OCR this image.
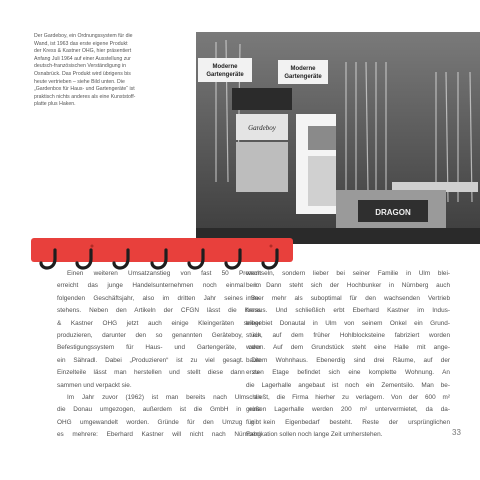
Der Gardeboy, ein Ordnungssystem für die
Wand, ist 1963 das erste eigene Produkt
der Kress & Kastner OHG, hier präsentiert
Anfang Juli 1964 auf einer Ausstellung zur
deutsch-französischen Verständigung in
Osnabrück. Das Produkt wird übrigens bis
heute vertrieben – siehe Bild unten. Die
„Gardenbox für Haus- und Gartengeräte“ ist
praktisch nichts anderes als eine Kunststoff-
platte plus Haken.

Moderne
Gartengeräte
Moderne
Gartengeräte
Gardeboy
DRAGON
Einen weiteren Umsatzanstieg von fast 50 Prozent
erreicht das junge Handelsunternehmen noch einmal im
folgenden Geschäftsjahr, also im dritten Jahr seines Be-
stehens. Neben den Artikeln der CFGN lässt die Kress
& Kastner OHG jetzt auch einige Kleingeräten selber
produzieren, darunter den so genannten Geräteboy, ein
Befestigungssystem für Haus- und Gartengeräte, oder
ein Sähradl. Dabei „Produzieren“ ist zu viel gesagt. Die
Einzelteile lässt man herstellen und stellt diese dann zu-
sammen und verpackt sie.
Im Jahr zuvor (1962) ist man bereits nach Ulm an
die Donau umgezogen, außerdem ist die GmbH in eine
OHG umgewandelt worden. Gründe für den Umzug gibt
es mehrere: Eberhard Kastner will nicht nach Nürnberg
wechseln, sondern lieber bei seiner Familie in Ulm blei-
ben. Dann steht sich der Hochbunker in Nürnberg auch
immer mehr als suboptimal für den wachsenden Vertrieb
heraus. Und schließlich erbt Eberhard Kastner im Indus-
triegebiet Donautal in Ulm von seinem Onkel ein Grund-
stück, auf dem früher Hohlblocksteine fabriziert worden
waren. Auf dem Grundstück steht eine Halle mit ange-
bautem Wohnhaus. Ebenerdig sind drei Räume, auf der
ersten Etage befindet sich eine komplette Wohnung. An
die Lagerhalle angebaut ist noch ein Zementsilo. Man be-
schließt, die Firma hierher zu verlagern. Von der 600 m²
großen Lagerhalle werden 200 m² untervermietet, da da-
für kein Eigenbedarf besteht. Reste der ursprünglichen
Fabrikation sollen noch lange Zeit umherstehen.	33
